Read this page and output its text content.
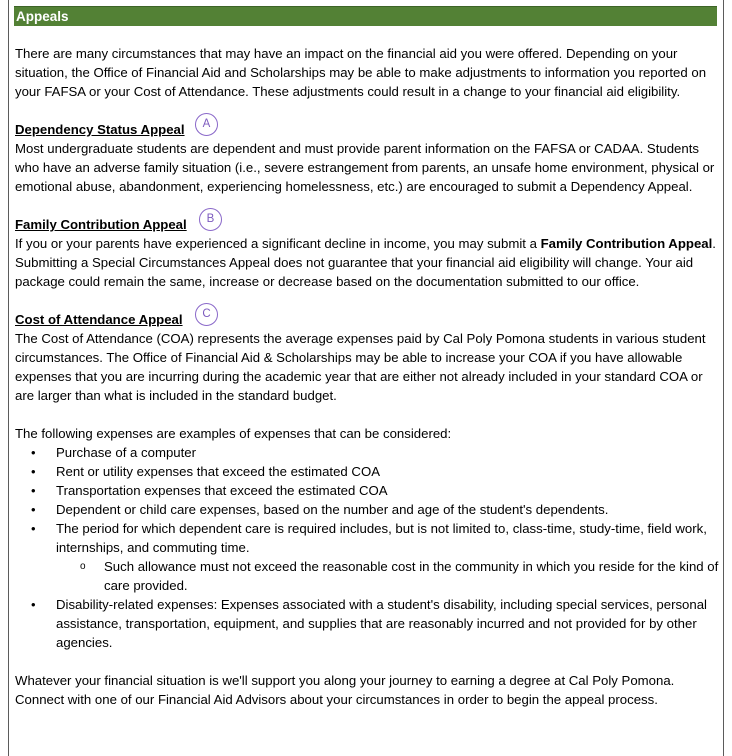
Appeals

There are many circumstances that may have an impact on the financial aid you were offered. Depending on your situation, the Office of Financial Aid and Scholarships may be able to make adjustments to information you reported on your FAFSA or your Cost of Attendance. These adjustments could result in a change to your financial aid eligibility.

Dependency Status Appeal	A

Most undergraduate students are dependent and must provide parent information on the FAFSA or CADAA. Students who have an adverse family situation (i.e., severe estrangement from parents, an unsafe home environment, physical or emotional abuse, abandonment, experiencing homelessness, etc.) are encouraged to submit a Dependency Appeal.

Family Contribution Appeal	B

If you or your parents have experienced a significant decline in income, you may submit a Family Contribution Appeal. Submitting a Special Circumstances Appeal does not guarantee that your financial aid eligibility will change. Your aid package could remain the same, increase or decrease based on the documentation submitted to our office.

Cost of Attendance Appeal	C

The Cost of Attendance (COA) represents the average expenses paid by Cal Poly Pomona students in various student circumstances. The Office of Financial Aid & Scholarships may be able to increase your COA if you have allowable expenses that you are incurring during the academic year that are either not already included in your standard COA or are larger than what is included in the standard budget.

The following expenses are examples of expenses that can be considered:

• Purchase of a computer
• Rent or utility expenses that exceed the estimated COA
• Transportation expenses that exceed the estimated COA
• Dependent or child care expenses, based on the number and age of the student's dependents.
• The period for which dependent care is required includes, but is not limited to, class-time, study-time, field work, internships, and commuting time.
o Such allowance must not exceed the reasonable cost in the community in which you reside for the kind of care provided.
• Disability-related expenses: Expenses associated with a student's disability, including special services, personal assistance, transportation, equipment, and supplies that are reasonably incurred and not provided for by other agencies.

Whatever your financial situation is we'll support you along your journey to earning a degree at Cal Poly Pomona. Connect with one of our Financial Aid Advisors about your circumstances in order to begin the appeal process.
